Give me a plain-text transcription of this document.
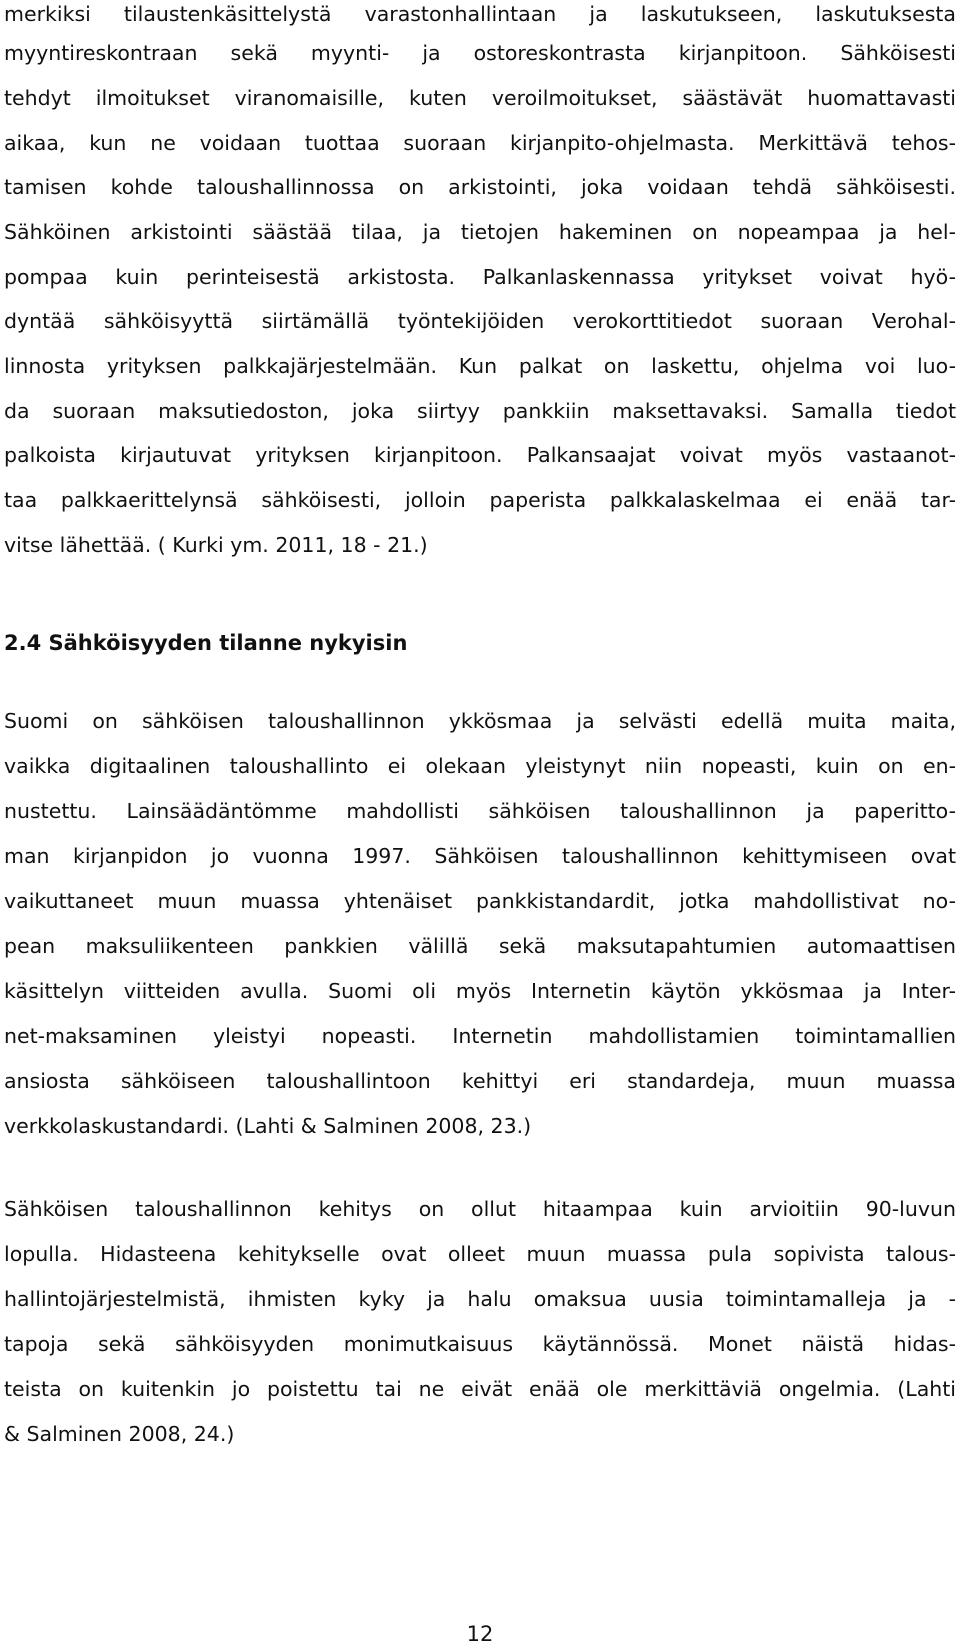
merkiksi tilaustenkäsittelystä varastonhallintaan ja laskutukseen, laskutuksesta

myyntireskontraan sekä myynti- ja ostoreskontrasta kirjanpitoon. Sähköisesti

tehdyt ilmoitukset viranomaisille, kuten veroilmoitukset, säästävät huomattavasti

aikaa, kun ne voidaan tuottaa suoraan kirjanpito-ohjelmasta. Merkittävä tehos-

tamisen kohde taloushallinnossa on arkistointi, joka voidaan tehdä sähköisesti.

Sähköinen arkistointi säästää tilaa, ja tietojen hakeminen on nopeampaa ja hel-

pompaa kuin perinteisestä arkistosta. Palkanlaskennassa yritykset voivat hyö-

dyntää sähköisyyttä siirtämällä työntekijöiden verokorttitiedot suoraan Verohal-

linnosta yrityksen palkkajärjestelmään. Kun palkat on laskettu, ohjelma voi luo-

da suoraan maksutiedoston, joka siirtyy pankkiin maksettavaksi. Samalla tiedot

palkoista kirjautuvat yrityksen kirjanpitoon. Palkansaajat voivat myös vastaanot-

taa palkkaerittelynsä sähköisesti, jolloin paperista palkkalaskelmaa ei enää tar-

vitse lähettää. ( Kurki ym. 2011, 18 - 21.)

2.4 Sähköisyyden tilanne nykyisin

Suomi on sähköisen taloushallinnon ykkösmaa ja selvästi edellä muita maita,

vaikka digitaalinen taloushallinto ei olekaan yleistynyt niin nopeasti, kuin on en-

nustettu. Lainsäädäntömme mahdollisti sähköisen taloushallinnon ja paperitto-

man kirjanpidon jo vuonna 1997. Sähköisen taloushallinnon kehittymiseen ovat

vaikuttaneet muun muassa yhtenäiset pankkistandardit, jotka mahdollistivat no-

pean maksuliikenteen pankkien välillä sekä maksutapahtumien automaattisen

käsittelyn viitteiden avulla. Suomi oli myös Internetin käytön ykkösmaa ja Inter-

net-maksaminen yleistyi nopeasti. Internetin mahdollistamien toimintamallien

ansiosta sähköiseen taloushallintoon kehittyi eri standardeja, muun muassa

verkkolaskustandardi. (Lahti & Salminen 2008, 23.)

Sähköisen taloushallinnon kehitys on ollut hitaampaa kuin arvioitiin 90-luvun

lopulla. Hidasteena kehitykselle ovat olleet muun muassa pula sopivista talous-

hallintojärjestelmistä, ihmisten kyky ja halu omaksua uusia toimintamalleja ja -

tapoja sekä sähköisyyden monimutkaisuus käytännössä. Monet näistä hidas-

teista on kuitenkin jo poistettu tai ne eivät enää ole merkittäviä ongelmia. (Lahti

& Salminen 2008, 24.)

12
